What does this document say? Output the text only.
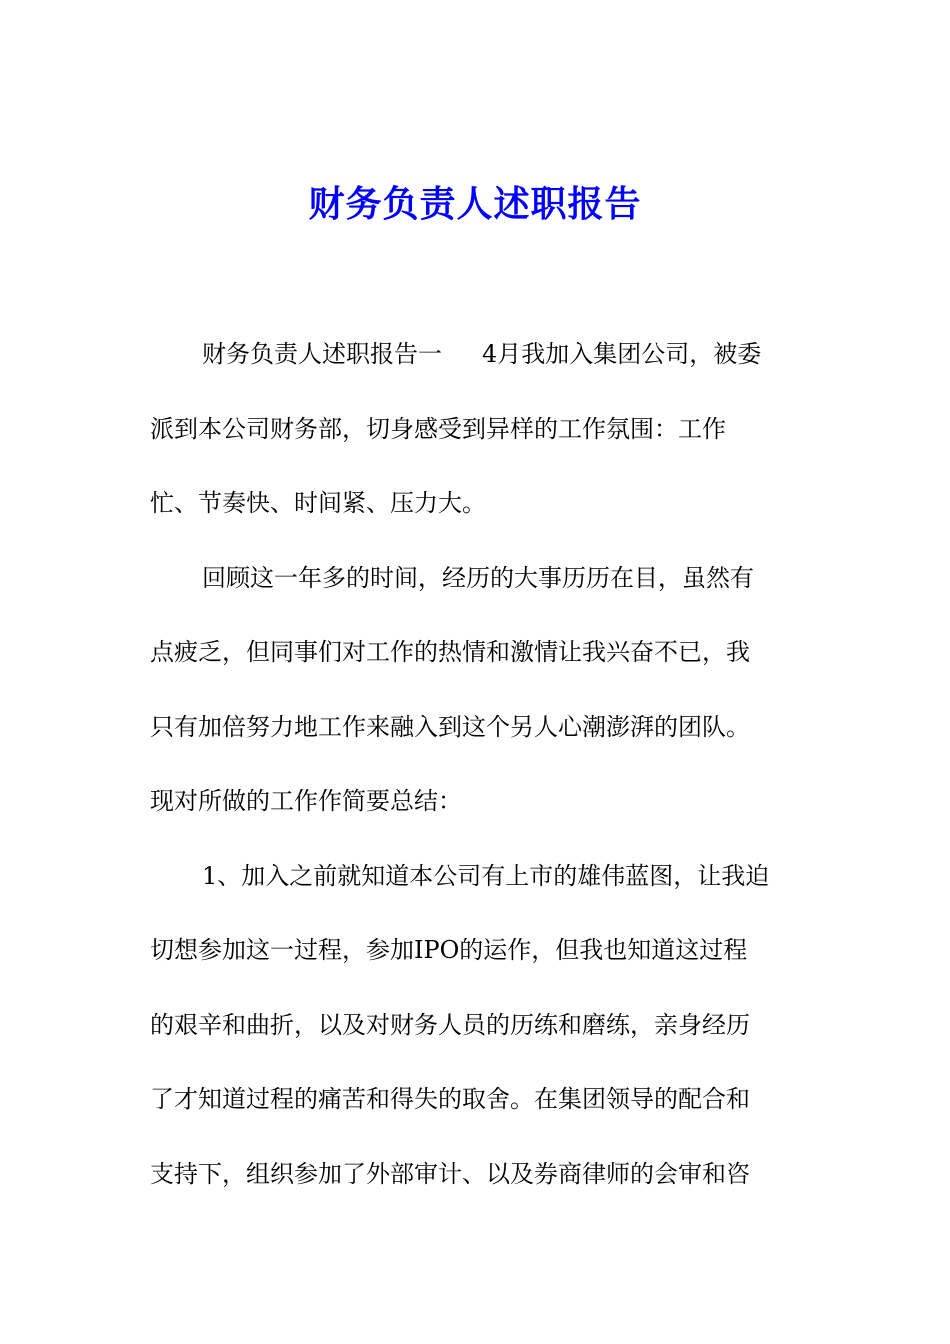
财务负责人述职报告
财务负责人述职报告一 4月我加入集团公司，被委
派到本公司财务部，切身感受到异样的工作氛围：工作
忙、节奏快、时间紧、压力大。
回顾这一年多的时间，经历的大事历历在目，虽然有
点疲乏，但同事们对工作的热情和激情让我兴奋不已，我
只有加倍努力地工作来融入到这个另人心潮澎湃的团队。
现对所做的工作作简要总结：
1、加入之前就知道本公司有上市的雄伟蓝图，让我迫
切想参加这一过程，参加IPO的运作，但我也知道这过程
的艰辛和曲折，以及对财务人员的历练和磨练，亲身经历
了才知道过程的痛苦和得失的取舍。在集团领导的配合和
支持下，组织参加了外部审计、以及券商律师的会审和咨
